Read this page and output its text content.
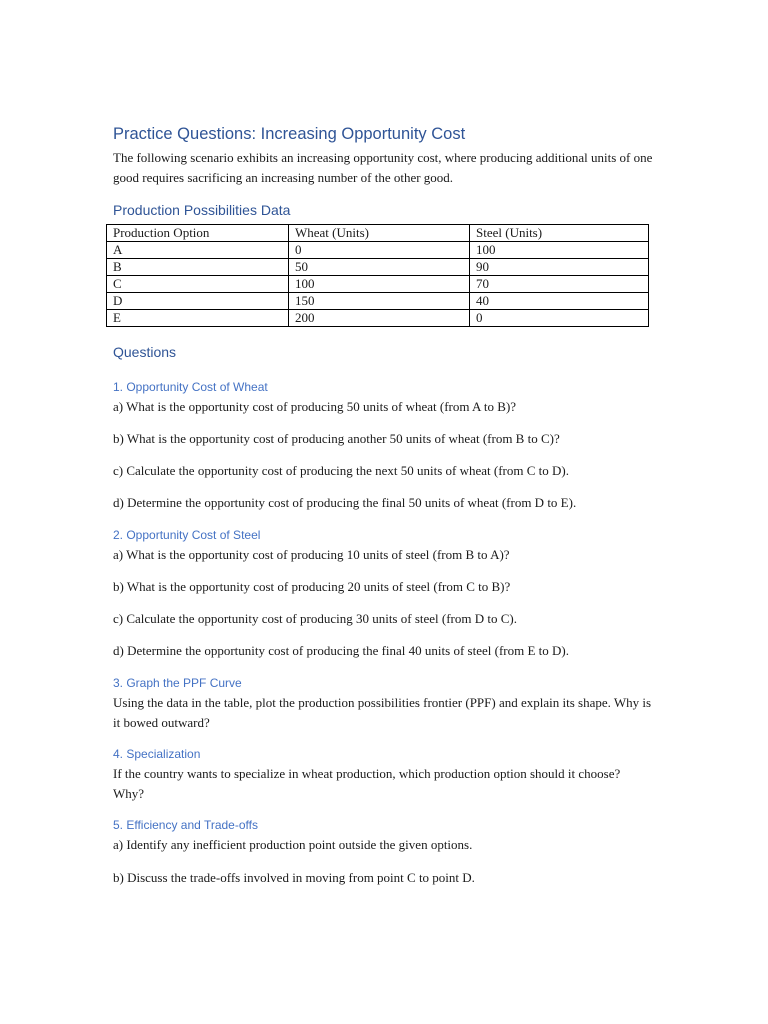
Practice Questions: Increasing Opportunity Cost

The following scenario exhibits an increasing opportunity cost, where producing additional units of one good requires sacrificing an increasing number of the other good.

Production Possibilities Data
Production Option	Wheat (Units)	Steel (Units)
A	0	100
B	50	90
C	100	70
D	150	40
E	200	0
Questions
1. Opportunity Cost of Wheat

a) What is the opportunity cost of producing 50 units of wheat (from A to B)?

b) What is the opportunity cost of producing another 50 units of wheat (from B to C)?

c) Calculate the opportunity cost of producing the next 50 units of wheat (from C to D).

d) Determine the opportunity cost of producing the final 50 units of wheat (from D to E).

2. Opportunity Cost of Steel

a) What is the opportunity cost of producing 10 units of steel (from B to A)?

b) What is the opportunity cost of producing 20 units of steel (from C to B)?

c) Calculate the opportunity cost of producing 30 units of steel (from D to C).

d) Determine the opportunity cost of producing the final 40 units of steel (from E to D).

3. Graph the PPF Curve

Using the data in the table, plot the production possibilities frontier (PPF) and explain its shape. Why is it bowed outward?

4. Specialization

If the country wants to specialize in wheat production, which production option should it choose? Why?

5. Efficiency and Trade-offs

a) Identify any inefficient production point outside the given options.

b) Discuss the trade-offs involved in moving from point C to point D.
